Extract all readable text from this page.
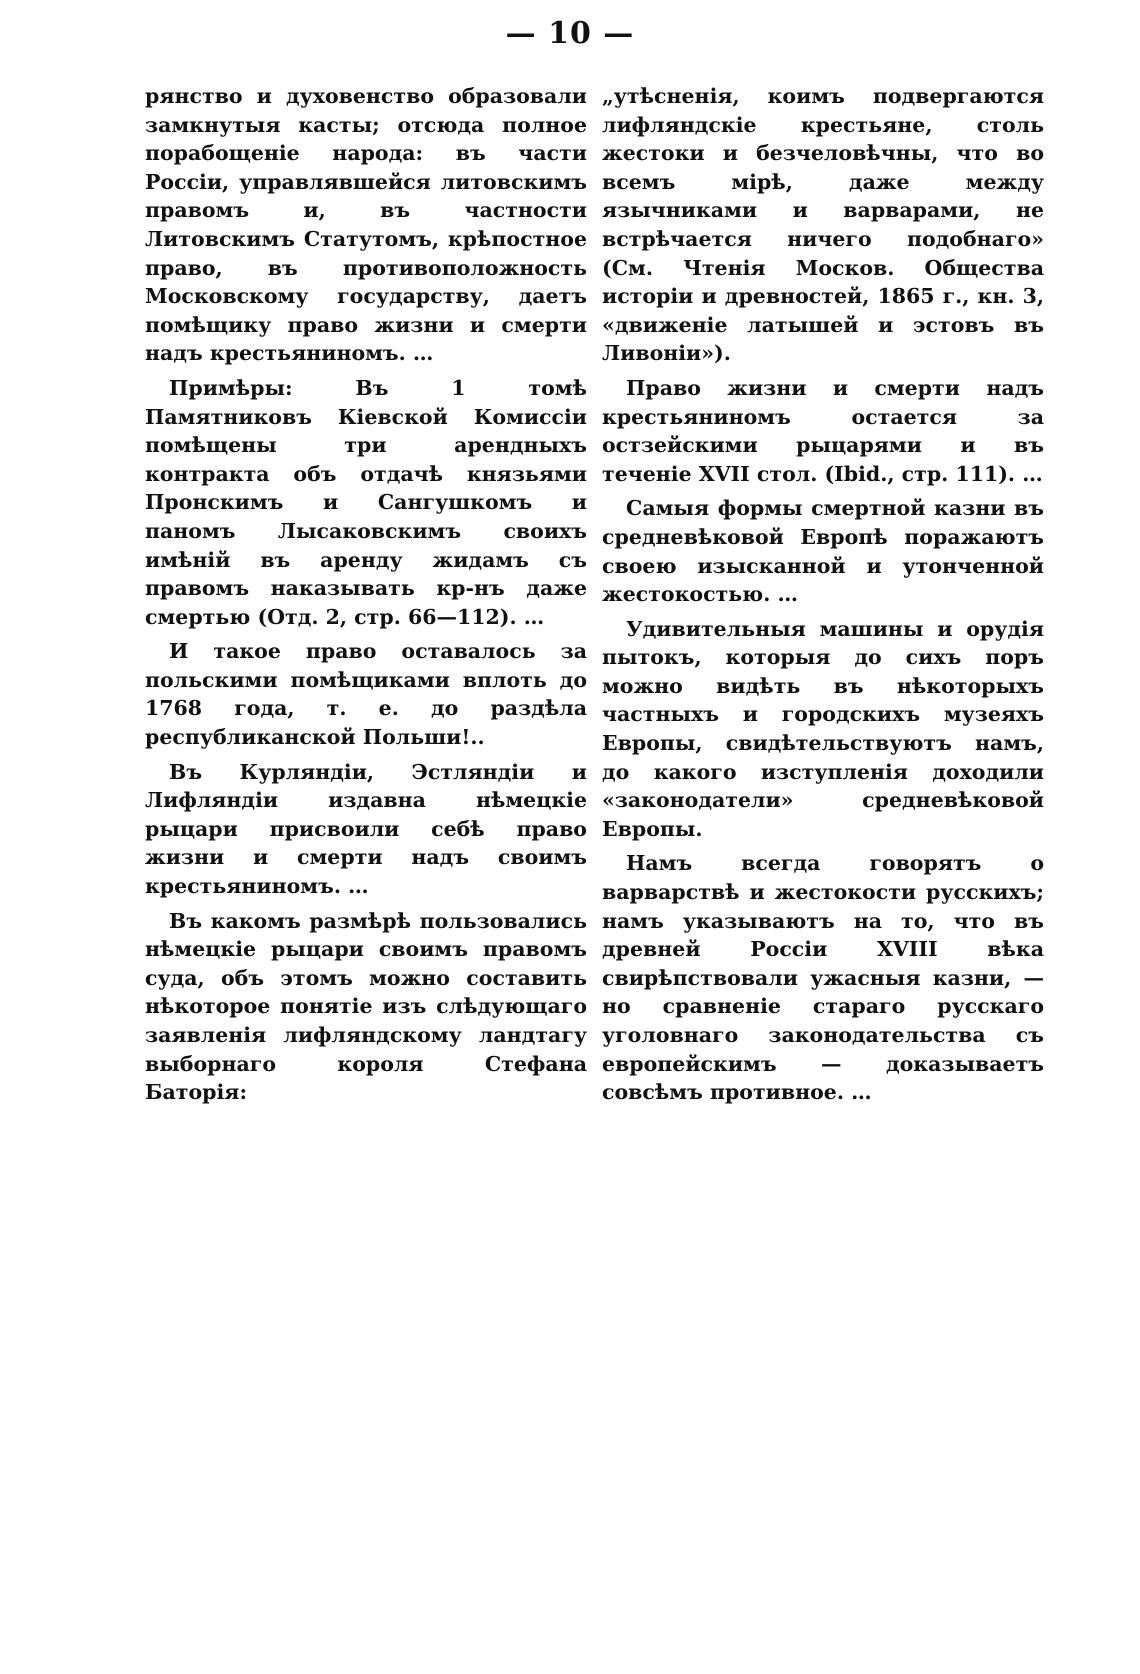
— 10 —

рянство и духовенство образовали замкнутыя касты; отсюда полное порабощеніе народа: въ части Россіи, управлявшейся литовскимъ правомъ и, въ частности Литовскимъ Статутомъ, крѣпостное право, въ противоположность Московскому государству, даетъ помѣщику право жизни и смерти надъ крестьяниномъ. …

Примѣры: Въ 1 томѣ Памятниковъ Кіевской Комиссіи помѣщены три арендныхъ контракта объ отдачѣ князьями Пронскимъ и Сангушкомъ и паномъ Лысаковскимъ своихъ имѣній въ аренду жидамъ съ правомъ наказывать кр-нъ даже смертью (Отд. 2, стр. 66—112). …

И такое право оставалось за польскими помѣщиками вплоть до 1768 года, т. е. до раздѣла республиканской Польши!..

Въ Курляндіи, Эстляндіи и Лифляндіи издавна нѣмецкіе рыцари присвоили себѣ право жизни и смерти надъ своимъ крестьяниномъ. …

Въ какомъ размѣрѣ пользовались нѣмецкіе рыцари своимъ правомъ суда, объ этомъ можно составить нѣкоторое понятіе изъ слѣдующаго заявленія лифляндскому ландтагу выборнаго короля Стефана Баторія:

„утѣсненія, коимъ подвергаются лифляндскіе крестьяне, столь жестоки и безчеловѣчны, что во всемъ мірѣ, даже между язычниками и варварами, не встрѣчается ничего подобнаго» (См. Чтенія Москов. Общества исторіи и древностей, 1865 г., кн. 3, «движеніе латышей и эстовъ въ Ливоніи»).

Право жизни и смерти надъ крестьяниномъ остается за остзейскими рыцарями и въ теченіе XVII стол. (Ibid., стр. 111). …

Самыя формы смертной казни въ средневѣковой Европѣ поражаютъ своею изысканной и утонченной жестокостью. …

Удивительныя машины и орудія пытокъ, которыя до сихъ поръ можно видѣть въ нѣкоторыхъ частныхъ и городскихъ музеяхъ Европы, свидѣтельствуютъ намъ, до какого изступленія доходили «законодатели» средневѣковой Европы.

Намъ всегда говорятъ о варварствѣ и жестокости русскихъ; намъ указываютъ на то, что въ древней Россіи XVIII вѣка свирѣпствовали ужасныя казни, — но сравненіе стараго русскаго уголовнаго законодательства съ европейскимъ — доказываетъ совсѣмъ противное. …
